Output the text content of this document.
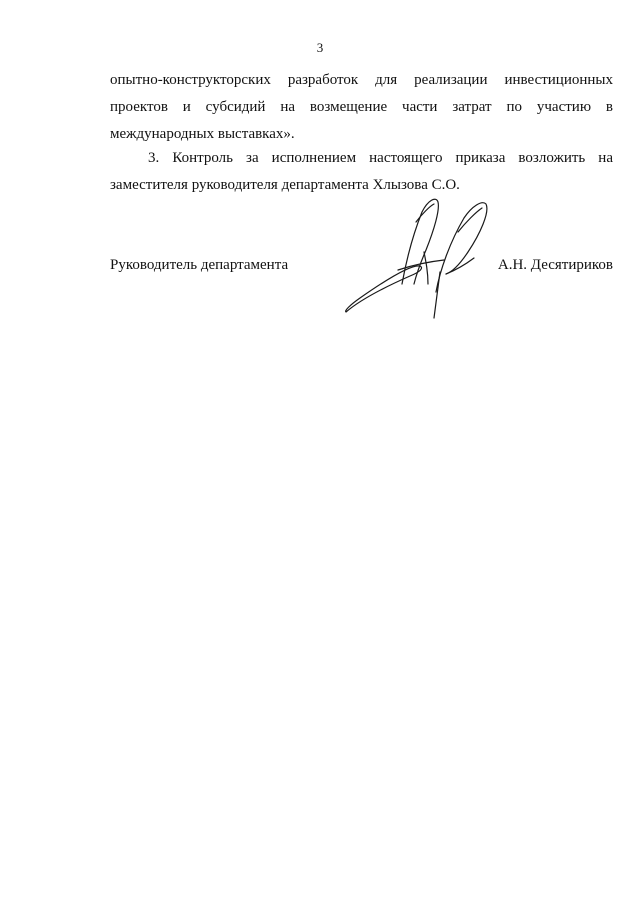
3
опытно-конструкторских разработок для реализации инвестиционных
проектов и субсидий на возмещение части затрат по участию в
международных выставках».
3. Контроль за исполнением настоящего приказа возложить на
заместителя руководителя департамента Хлызова С.О.
Руководитель департамента	А.Н. Десятириков
